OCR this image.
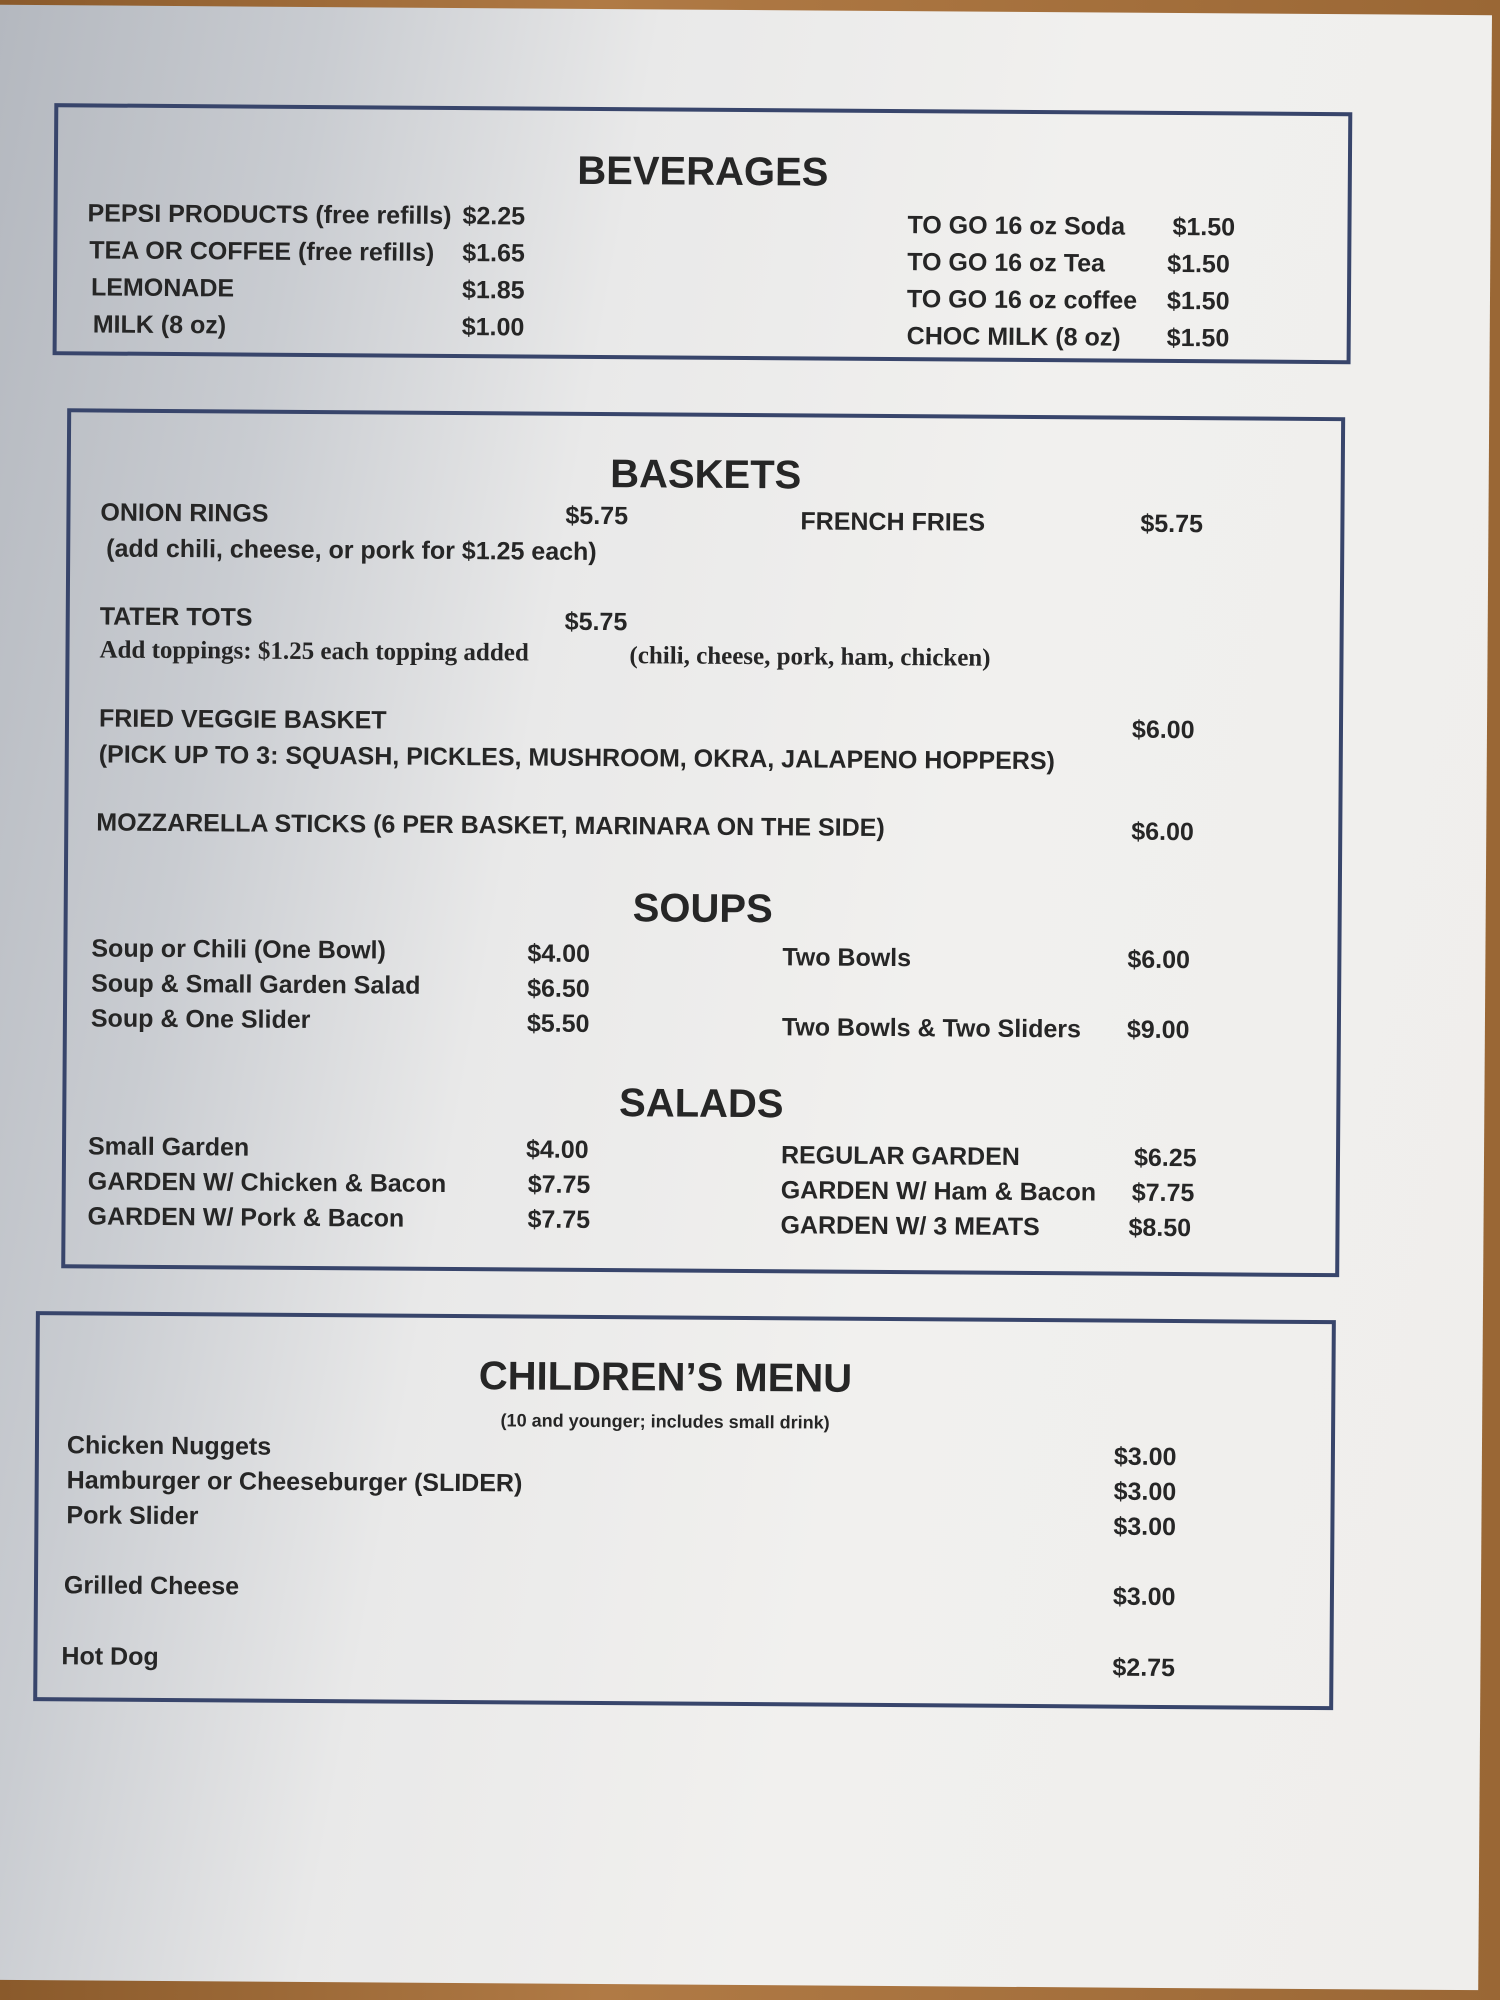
BEVERAGES
PEPSI PRODUCTS (free refills) $2.25
TEA OR COFFEE (free refills) $1.65
LEMONADE	$1.85
MILK (8 oz)	$1.00
TO GO 16 oz Soda $1.50
TO GO 16 oz Tea $1.50
TO GO 16 oz coffee $1.50
CHOC MILK (8 oz) $1.50
BASKETS
ONION RINGS	$5.75
(add chili, cheese, or pork for $1.25 each)
FRENCH FRIES	$5.75
TATER TOTS	$5.75
Add toppings: $1.25 each topping added	(chili, cheese, pork, ham, chicken)
FRIED VEGGIE BASKET	$6.00
(PICK UP TO 3: SQUASH, PICKLES, MUSHROOM, OKRA, JALAPENO HOPPERS)
MOZZARELLA STICKS (6 PER BASKET, MARINARA ON THE SIDE)	$6.00
SOUPS
Soup or Chili (One Bowl)	$4.00
Soup & Small Garden Salad	$6.50
Soup & One Slider	$5.50
Two Bowls	$6.00
Two Bowls & Two Sliders $9.00
SALADS
Small Garden	$4.00
GARDEN W/ Chicken & Bacon	$7.75
GARDEN W/ Pork & Bacon	$7.75
REGULAR GARDEN	$6.25
GARDEN W/ Ham & Bacon $7.75
GARDEN W/ 3 MEATS	$8.50
CHILDREN’S MENU
(10 and younger; includes small drink)
Chicken Nuggets	$3.00
Hamburger or Cheeseburger (SLIDER)	$3.00
Pork Slider	$3.00
Grilled Cheese	$3.00
Hot Dog	$2.75
